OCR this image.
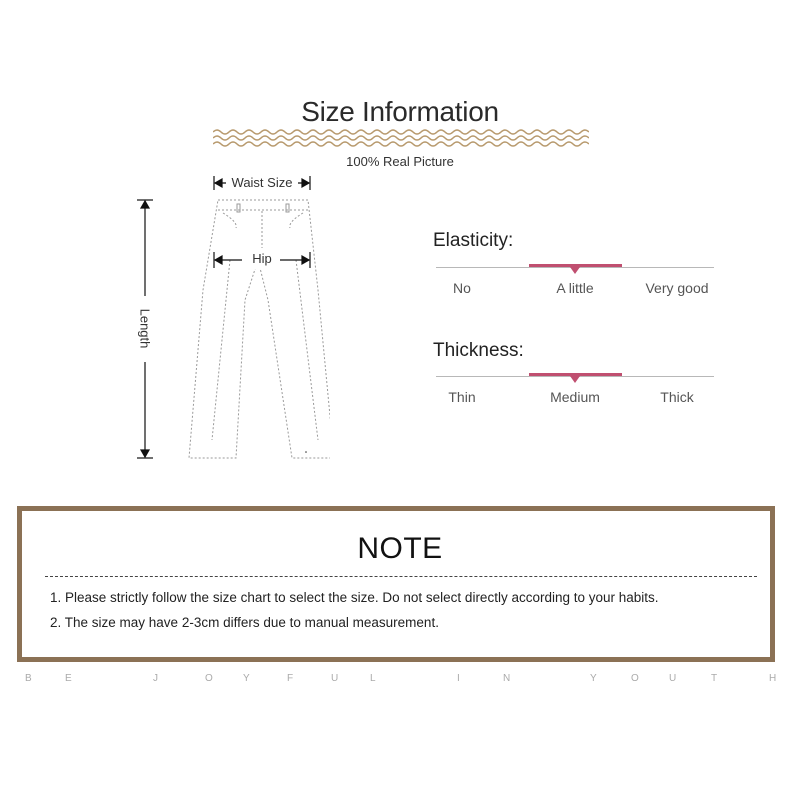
Size Information
100% Real Picture
Waist Size
Hip
Length
Elasticity:
No	A little	Very good
Thickness:
Thin	Medium	Thick
NOTE
1. Please strictly follow the size chart to select the size. Do not select directly according to your habits.
2. The size may have 2-3cm differs due to manual measurement.
B	E	J	O	Y	F	U	L	I	N	Y	O	U	T	H
